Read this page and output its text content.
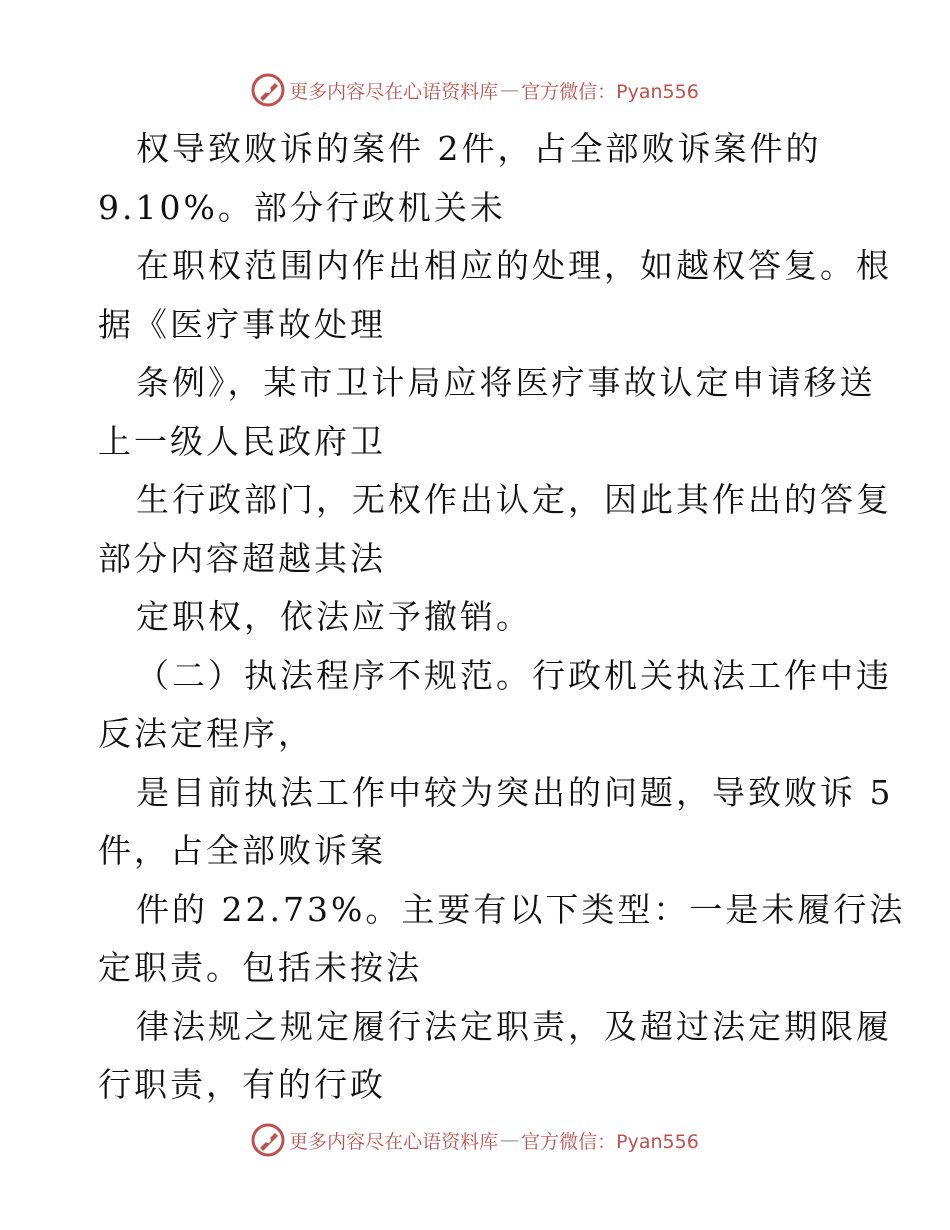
更多内容尽在心语资料库 — 官方微信：Pyan556
权导致败诉的案件 2件，占全部败诉案件的
9.10%。部分行政机关未
在职权范围内作出相应的处理，如越权答复。根
据《医疗事故处理
条例》，某市卫计局应将医疗事故认定申请移送
上一级人民政府卫
生行政部门，无权作出认定，因此其作出的答复
部分内容超越其法
定职权，依法应予撤销。
（二）执法程序不规范。行政机关执法工作中违
反法定程序，
是目前执法工作中较为突出的问题，导致败诉 5
件，占全部败诉案
件的 22.73%。主要有以下类型：一是未履行法
定职责。包括未按法
律法规之规定履行法定职责，及超过法定期限履
行职责，有的行政
更多内容尽在心语资料库 — 官方微信：Pyan556
